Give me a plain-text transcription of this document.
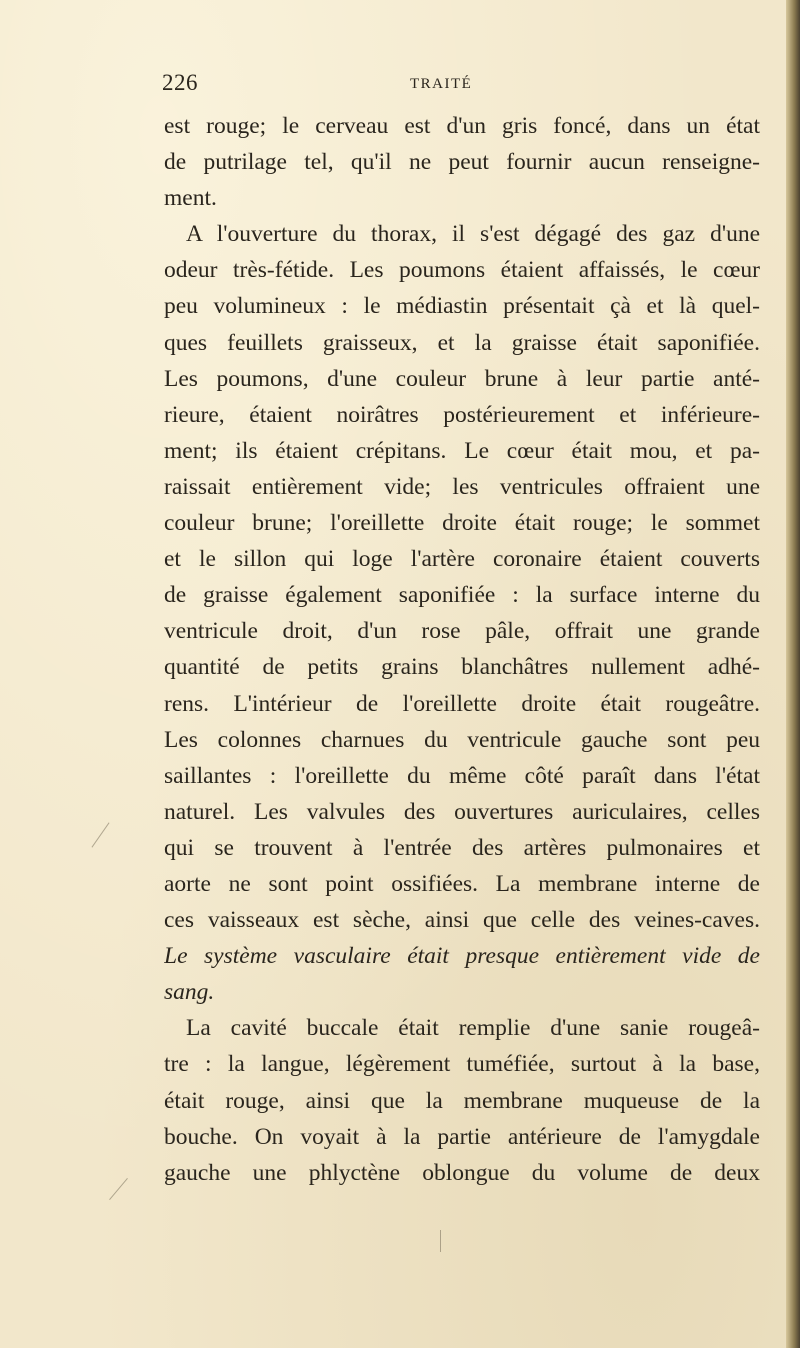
226	TRAITÉ
est rouge; le cerveau est d'un gris foncé, dans un état
de putrilage tel, qu'il ne peut fournir aucun renseigne-
ment.
A l'ouverture du thorax, il s'est dégagé des gaz d'une
odeur très-fétide. Les poumons étaient affaissés, le cœur
peu volumineux : le médiastin présentait çà et là quel-
ques feuillets graisseux, et la graisse était saponifiée.
Les poumons, d'une couleur brune à leur partie anté-
rieure, étaient noirâtres postérieurement et inférieure-
ment; ils étaient crépitans. Le cœur était mou, et pa-
raissait entièrement vide; les ventricules offraient une
couleur brune; l'oreillette droite était rouge; le sommet
et le sillon qui loge l'artère coronaire étaient couverts
de graisse également saponifiée : la surface interne du
ventricule droit, d'un rose pâle, offrait une grande
quantité de petits grains blanchâtres nullement adhé-
rens. L'intérieur de l'oreillette droite était rougeâtre.
Les colonnes charnues du ventricule gauche sont peu
saillantes : l'oreillette du même côté paraît dans l'état
naturel. Les valvules des ouvertures auriculaires, celles
qui se trouvent à l'entrée des artères pulmonaires et
aorte ne sont point ossifiées. La membrane interne de
ces vaisseaux est sèche, ainsi que celle des veines-caves.
Le système vasculaire était presque entièrement vide de
sang.
La cavité buccale était remplie d'une sanie rougeâ-
tre : la langue, légèrement tuméfiée, surtout à la base,
était rouge, ainsi que la membrane muqueuse de la
bouche. On voyait à la partie antérieure de l'amygdale
gauche une phlyctène oblongue du volume de deux
